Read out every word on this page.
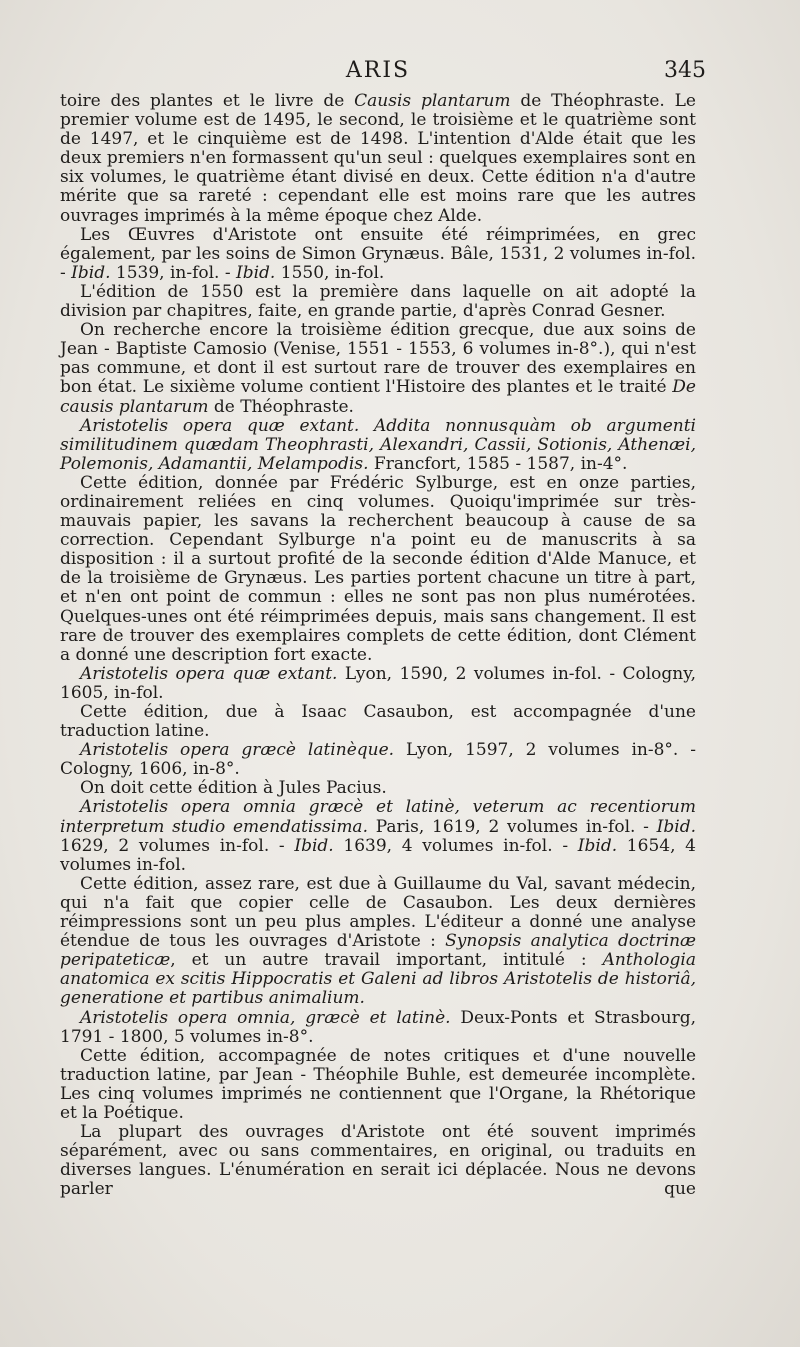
ARIS	345

toire des plantes et le livre de Causis plantarum de Théophraste. Le premier volume est de 1495, le second, le troisième et le quatrième sont de 1497, et le cinquième est de 1498. L'intention d'Alde était que les deux premiers n'en formassent qu'un seul : quelques exemplaires sont en six volumes, le quatrième étant divisé en deux. Cette édition n'a d'autre mérite que sa rareté : cependant elle est moins rare que les autres ouvrages imprimés à la même époque chez Alde.

Les Œuvres d'Aristote ont ensuite été réimprimées, en grec également, par les soins de Simon Grynæus. Bâle, 1531, 2 volumes in-fol. - Ibid. 1539, in-fol. - Ibid. 1550, in-fol.

L'édition de 1550 est la première dans laquelle on ait adopté la division par chapitres, faite, en grande partie, d'après Conrad Gesner.

On recherche encore la troisième édition grecque, due aux soins de Jean - Baptiste Camosio (Venise, 1551 - 1553, 6 volumes in-8°.), qui n'est pas commune, et dont il est surtout rare de trouver des exemplaires en bon état. Le sixième volume contient l'Histoire des plantes et le traité De causis plantarum de Théophraste.

Aristotelis opera quæ extant. Addita nonnusquàm ob argumenti similitudinem quædam Theophrasti, Alexandri, Cassii, Sotionis, Athenæi, Polemonis, Adamantii, Melampodis. Francfort, 1585 - 1587, in-4°.

Cette édition, donnée par Frédéric Sylburge, est en onze parties, ordinairement reliées en cinq volumes. Quoiqu'imprimée sur très-mauvais papier, les savans la recherchent beaucoup à cause de sa correction. Cependant Sylburge n'a point eu de manuscrits à sa disposition : il a surtout profité de la seconde édition d'Alde Manuce, et de la troisième de Grynæus. Les parties portent chacune un titre à part, et n'en ont point de commun : elles ne sont pas non plus numérotées. Quelques-unes ont été réimprimées depuis, mais sans changement. Il est rare de trouver des exemplaires complets de cette édition, dont Clément a donné une description fort exacte.

Aristotelis opera quæ extant. Lyon, 1590, 2 volumes in-fol. - Cologny, 1605, in-fol.

Cette édition, due à Isaac Casaubon, est accompagnée d'une traduction latine.

Aristotelis opera græcè latinèque. Lyon, 1597, 2 volumes in-8°. - Cologny, 1606, in-8°.

On doit cette édition à Jules Pacius.

Aristotelis opera omnia græcè et latinè, veterum ac recentiorum interpretum studio emendatissima. Paris, 1619, 2 volumes in-fol. - Ibid. 1629, 2 volumes in-fol. - Ibid. 1639, 4 volumes in-fol. - Ibid. 1654, 4 volumes in-fol.

Cette édition, assez rare, est due à Guillaume du Val, savant médecin, qui n'a fait que copier celle de Casaubon. Les deux dernières réimpressions sont un peu plus amples. L'éditeur a donné une analyse étendue de tous les ouvrages d'Aristote : Synopsis analytica doctrinæ peripateticæ, et un autre travail important, intitulé : Anthologia anatomica ex scitis Hippocratis et Galeni ad libros Aristotelis de historiâ, generatione et partibus animalium.

Aristotelis opera omnia, græcè et latinè. Deux-Ponts et Strasbourg, 1791 - 1800, 5 volumes in-8°.

Cette édition, accompagnée de notes critiques et d'une nouvelle traduction latine, par Jean - Théophile Buhle, est demeurée incomplète. Les cinq volumes imprimés ne contiennent que l'Organe, la Rhétorique et la Poétique.

La plupart des ouvrages d'Aristote ont été souvent imprimés séparément, avec ou sans commentaires, en original, ou traduits en diverses langues. L'énumération en serait ici déplacée. Nous ne devons parler que
